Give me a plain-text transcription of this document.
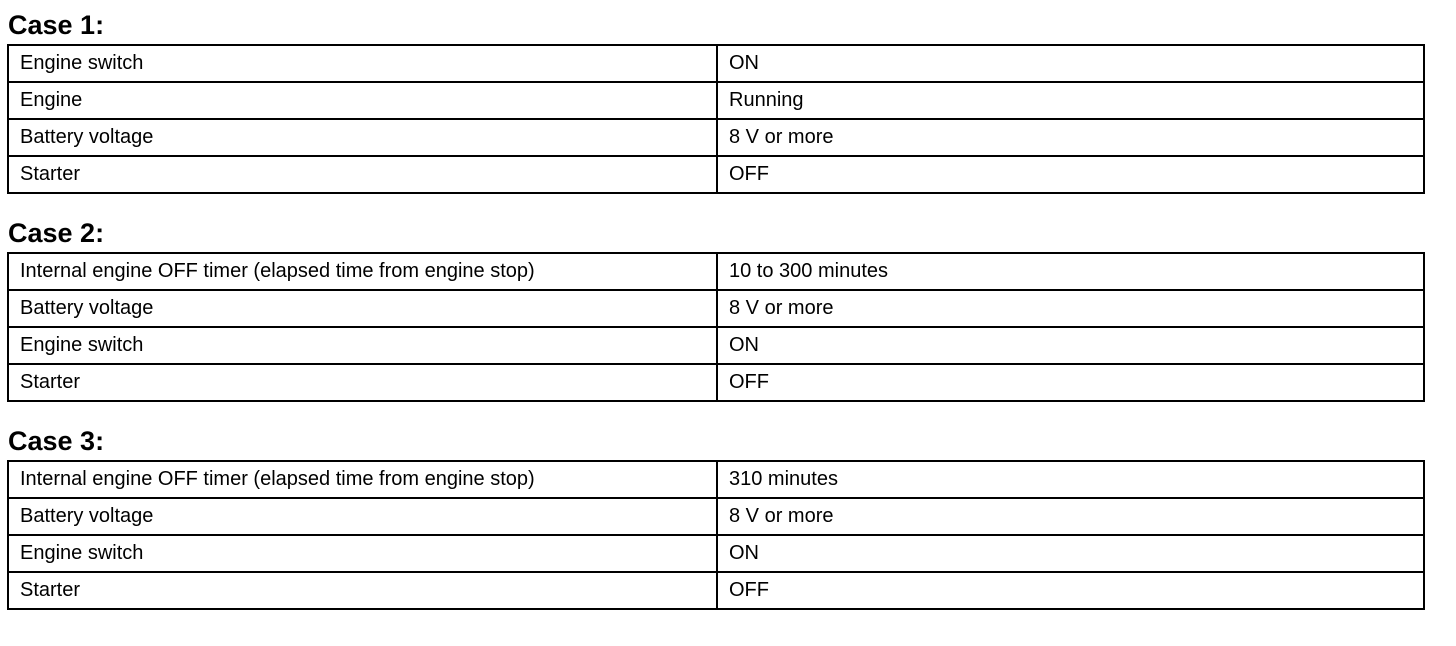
Case 1:
Engine switch	ON
Engine	Running
Battery voltage	8 V or more
Starter	OFF
Case 2:
Internal engine OFF timer (elapsed time from engine stop)	10 to 300 minutes
Battery voltage	8 V or more
Engine switch	ON
Starter	OFF
Case 3:
Internal engine OFF timer (elapsed time from engine stop)	310 minutes
Battery voltage	8 V or more
Engine switch	ON
Starter	OFF
